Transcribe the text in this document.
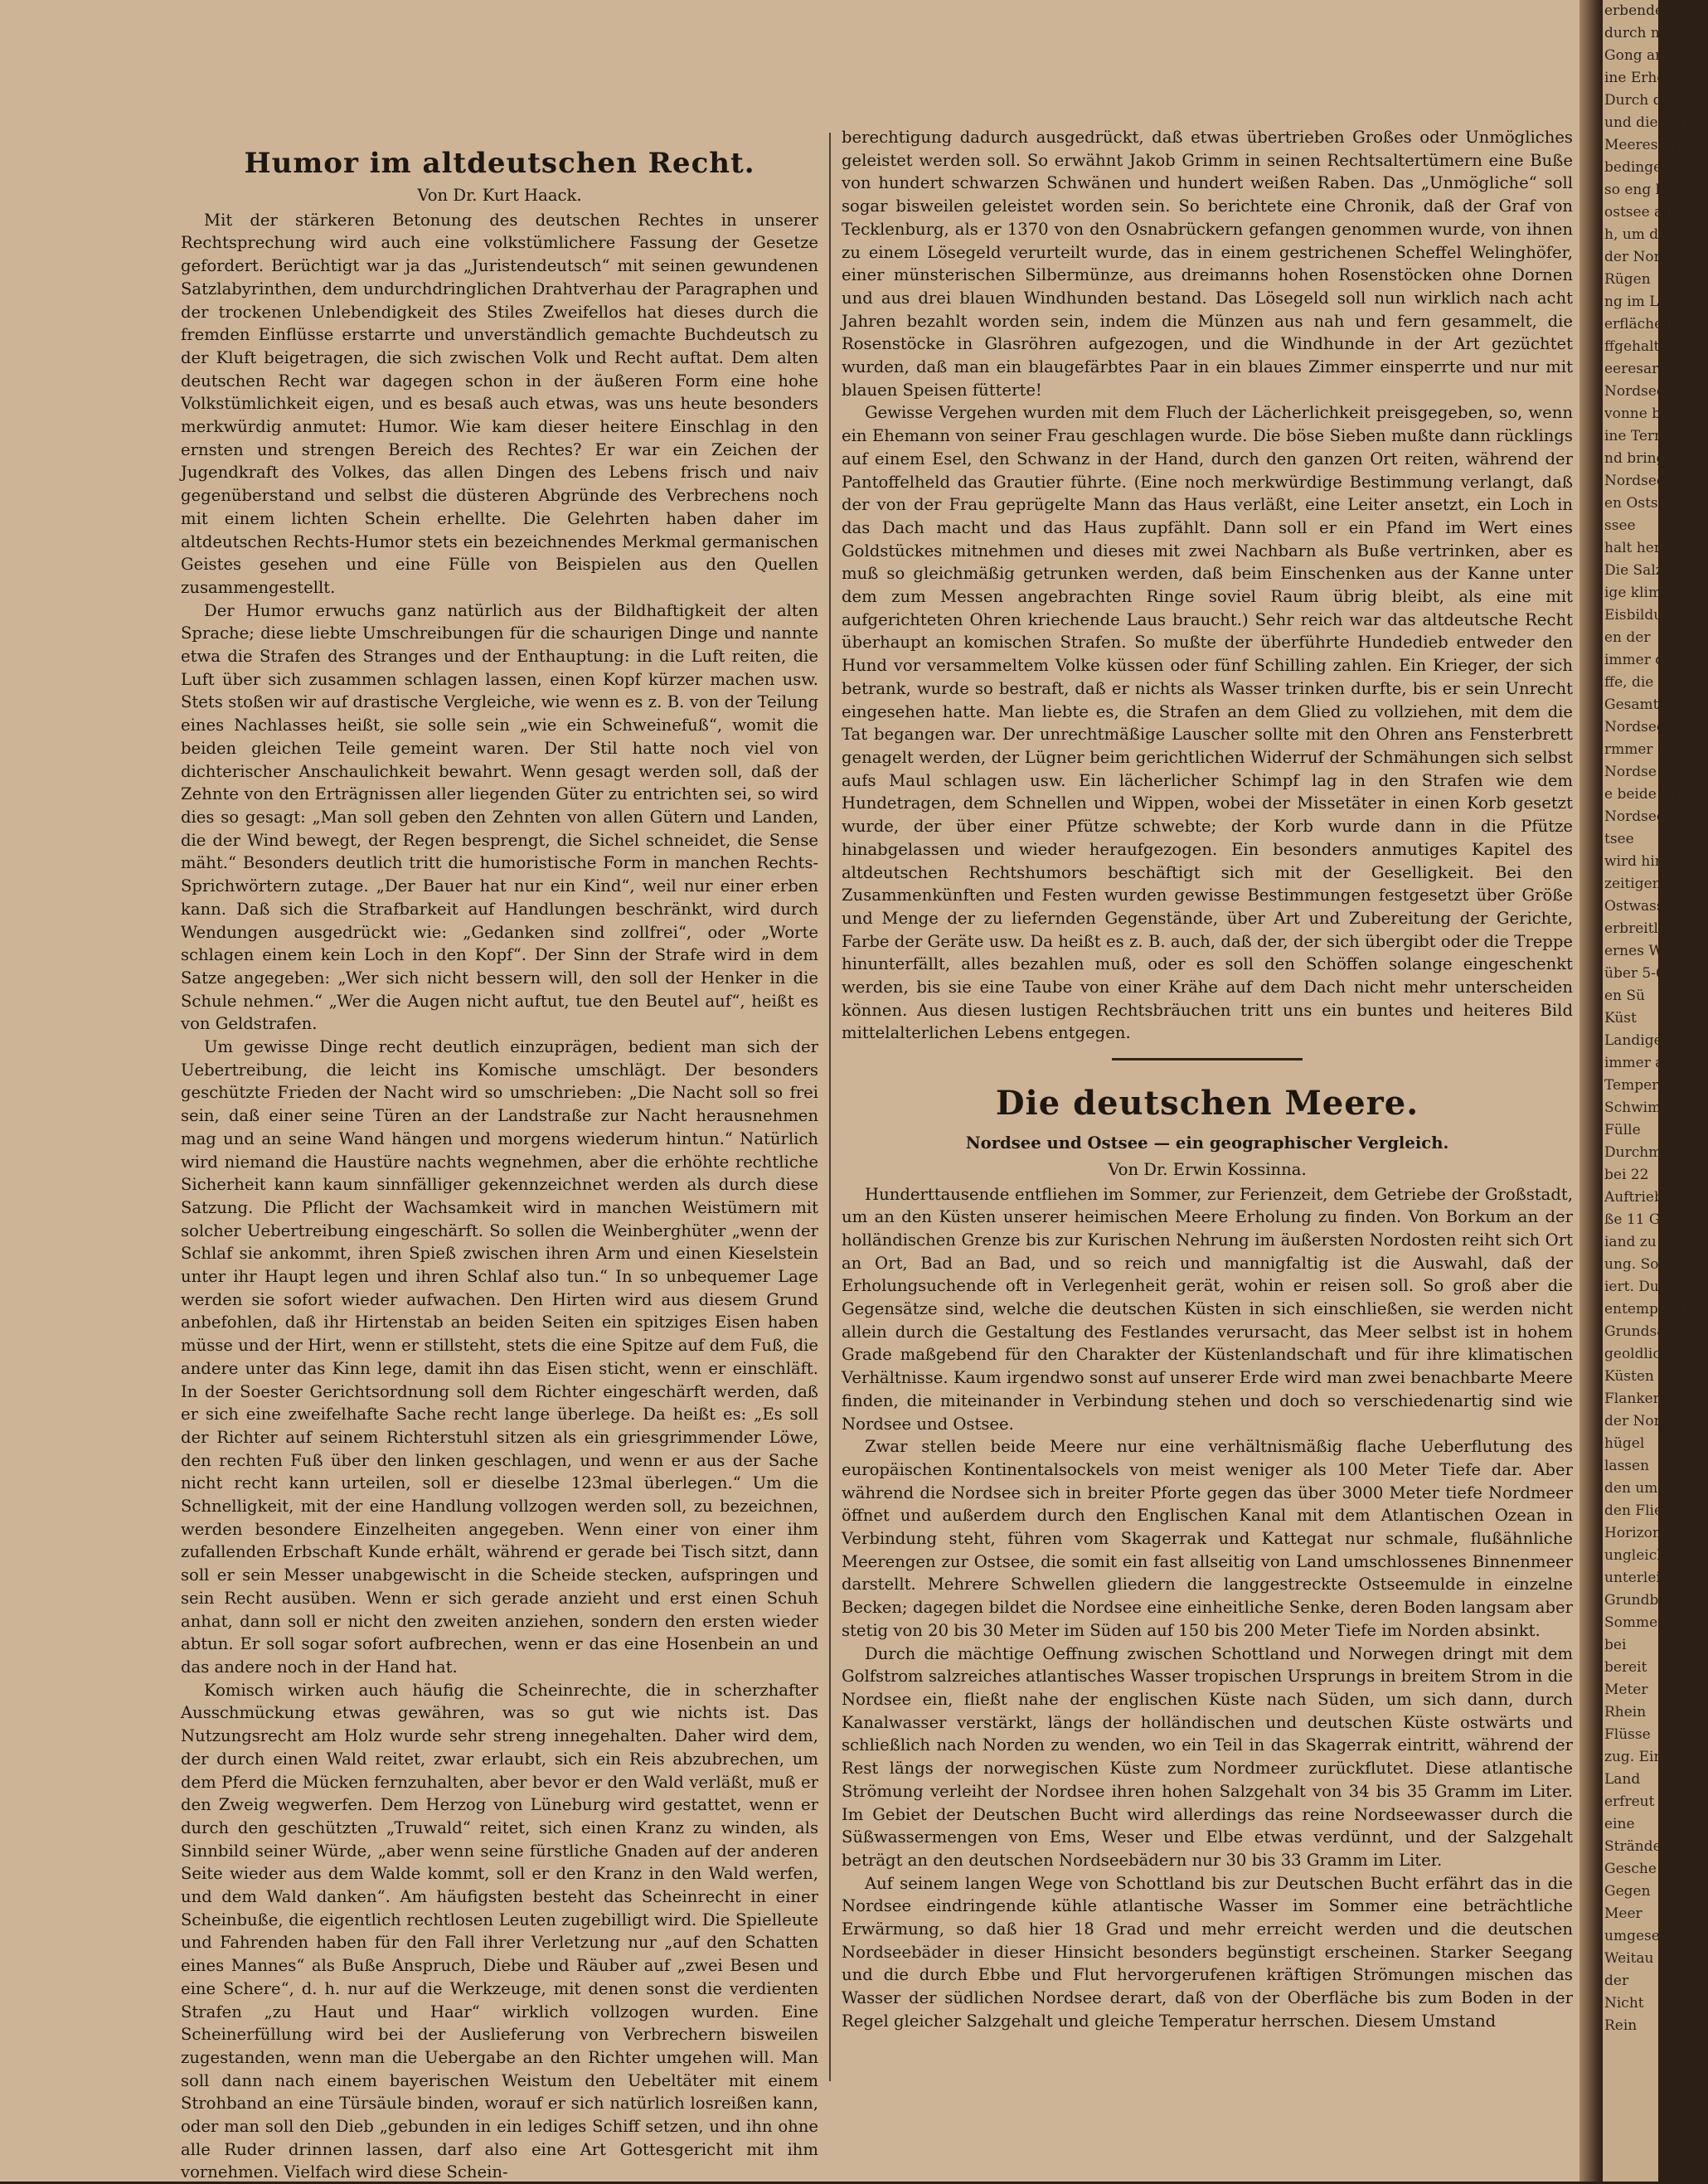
Humor im altdeutschen Recht.
Von Dr. Kurt Haack.

Mit der stärkeren Betonung des deutschen Rechtes in unserer Rechtsprechung wird auch eine volkstümlichere Fassung der Gesetze gefordert. Berüchtigt war ja das „Juristendeutsch“ mit seinen gewundenen Satzlabyrinthen, dem undurchdringlichen Drahtverhau der Paragraphen und der trockenen Unlebendigkeit des Stiles Zweifellos hat dieses durch die fremden Einflüsse erstarrte und unverständlich gemachte Buchdeutsch zu der Kluft beigetragen, die sich zwischen Volk und Recht auftat. Dem alten deutschen Recht war dagegen schon in der äußeren Form eine hohe Volkstümlichkeit eigen, und es besaß auch etwas, was uns heute besonders merkwürdig anmutet: Humor. Wie kam dieser heitere Einschlag in den ernsten und strengen Bereich des Rechtes? Er war ein Zeichen der Jugendkraft des Volkes, das allen Dingen des Lebens frisch und naiv gegenüberstand und selbst die düsteren Abgründe des Verbrechens noch mit einem lichten Schein erhellte. Die Gelehrten haben daher im altdeutschen Rechts-Humor stets ein bezeichnendes Merkmal germanischen Geistes gesehen und eine Fülle von Beispielen aus den Quellen zusammengestellt.

Der Humor erwuchs ganz natürlich aus der Bildhaftigkeit der alten Sprache; diese liebte Umschreibungen für die schaurigen Dinge und nannte etwa die Strafen des Stranges und der Enthauptung: in die Luft reiten, die Luft über sich zusammen schlagen lassen, einen Kopf kürzer machen usw. Stets stoßen wir auf drastische Vergleiche, wie wenn es z. B. von der Teilung eines Nachlasses heißt, sie solle sein „wie ein Schweinefuß“, womit die beiden gleichen Teile gemeint waren. Der Stil hatte noch viel von dichterischer Anschaulichkeit bewahrt. Wenn gesagt werden soll, daß der Zehnte von den Erträgnissen aller liegenden Güter zu entrichten sei, so wird dies so gesagt: „Man soll geben den Zehnten von allen Gütern und Landen, die der Wind bewegt, der Regen besprengt, die Sichel schneidet, die Sense mäht.“ Besonders deutlich tritt die humoristische Form in manchen Rechts-Sprichwörtern zutage. „Der Bauer hat nur ein Kind“, weil nur einer erben kann. Daß sich die Strafbarkeit auf Handlungen beschränkt, wird durch Wendungen ausgedrückt wie: „Gedanken sind zollfrei“, oder „Worte schlagen einem kein Loch in den Kopf“. Der Sinn der Strafe wird in dem Satze angegeben: „Wer sich nicht bessern will, den soll der Henker in die Schule nehmen.“ „Wer die Augen nicht auftut, tue den Beutel auf“, heißt es von Geldstrafen.

Um gewisse Dinge recht deutlich einzuprägen, bedient man sich der Uebertreibung, die leicht ins Komische umschlägt. Der besonders geschützte Frieden der Nacht wird so umschrieben: „Die Nacht soll so frei sein, daß einer seine Türen an der Landstraße zur Nacht herausnehmen mag und an seine Wand hängen und morgens wiederum hintun.“ Natürlich wird niemand die Haustüre nachts wegnehmen, aber die erhöhte rechtliche Sicherheit kann kaum sinnfälliger gekennzeichnet werden als durch diese Satzung. Die Pflicht der Wachsamkeit wird in manchen Weistümern mit solcher Uebertreibung eingeschärft. So sollen die Weinberghüter „wenn der Schlaf sie ankommt, ihren Spieß zwischen ihren Arm und einen Kieselstein unter ihr Haupt legen und ihren Schlaf also tun.“ In so unbequemer Lage werden sie sofort wieder aufwachen. Den Hirten wird aus diesem Grund anbefohlen, daß ihr Hirtenstab an beiden Seiten ein spitziges Eisen haben müsse und der Hirt, wenn er stillsteht, stets die eine Spitze auf dem Fuß, die andere unter das Kinn lege, damit ihn das Eisen sticht, wenn er einschläft. In der Soester Gerichtsordnung soll dem Richter eingeschärft werden, daß er sich eine zweifelhafte Sache recht lange überlege. Da heißt es: „Es soll der Richter auf seinem Richterstuhl sitzen als ein griesgrimmender Löwe, den rechten Fuß über den linken geschlagen, und wenn er aus der Sache nicht recht kann urteilen, soll er dieselbe 123mal überlegen.“ Um die Schnelligkeit, mit der eine Handlung vollzogen werden soll, zu bezeichnen, werden besondere Einzelheiten angegeben. Wenn einer von einer ihm zufallenden Erbschaft Kunde erhält, während er gerade bei Tisch sitzt, dann soll er sein Messer unabgewischt in die Scheide stecken, aufspringen und sein Recht ausüben. Wenn er sich gerade anzieht und erst einen Schuh anhat, dann soll er nicht den zweiten anziehen, sondern den ersten wieder abtun. Er soll sogar sofort aufbrechen, wenn er das eine Hosenbein an und das andere noch in der Hand hat.

Komisch wirken auch häufig die Scheinrechte, die in scherzhafter Ausschmückung etwas gewähren, was so gut wie nichts ist. Das Nutzungsrecht am Holz wurde sehr streng innegehalten. Daher wird dem, der durch einen Wald reitet, zwar erlaubt, sich ein Reis abzubrechen, um dem Pferd die Mücken fernzuhalten, aber bevor er den Wald verläßt, muß er den Zweig wegwerfen. Dem Herzog von Lüneburg wird gestattet, wenn er durch den geschützten „Truwald“ reitet, sich einen Kranz zu winden, als Sinnbild seiner Würde, „aber wenn seine fürstliche Gnaden auf der anderen Seite wieder aus dem Walde kommt, soll er den Kranz in den Wald werfen, und dem Wald danken“. Am häufigsten besteht das Scheinrecht in einer Scheinbuße, die eigentlich rechtlosen Leuten zugebilligt wird. Die Spielleute und Fahrenden haben für den Fall ihrer Verletzung nur „auf den Schatten eines Mannes“ als Buße Anspruch, Diebe und Räuber auf „zwei Besen und eine Schere“, d. h. nur auf die Werkzeuge, mit denen sonst die verdienten Strafen „zu Haut und Haar“ wirklich vollzogen wurden. Eine Scheinerfüllung wird bei der Auslieferung von Verbrechern bisweilen zugestanden, wenn man die Uebergabe an den Richter umgehen will. Man soll dann nach einem bayerischen Weistum den Uebeltäter mit einem Strohband an eine Türsäule binden, worauf er sich natürlich losreißen kann, oder man soll den Dieb „gebunden in ein lediges Schiff setzen, und ihn ohne alle Ruder drinnen lassen, darf also eine Art Gottesgericht mit ihm vornehmen. Vielfach wird diese Schein-

berechtigung dadurch ausgedrückt, daß etwas übertrieben Großes oder Unmögliches geleistet werden soll. So erwähnt Jakob Grimm in seinen Rechtsaltertümern eine Buße von hundert schwarzen Schwänen und hundert weißen Raben. Das „Unmögliche“ soll sogar bisweilen geleistet worden sein. So berichtete eine Chronik, daß der Graf von Tecklenburg, als er 1370 von den Osnabrückern gefangen genommen wurde, von ihnen zu einem Lösegeld verurteilt wurde, das in einem gestrichenen Scheffel Welinghöfer, einer münsterischen Silbermünze, aus dreimanns hohen Rosenstöcken ohne Dornen und aus drei blauen Windhunden bestand. Das Lösegeld soll nun wirklich nach acht Jahren bezahlt worden sein, indem die Münzen aus nah und fern gesammelt, die Rosenstöcke in Glasröhren aufgezogen, und die Windhunde in der Art gezüchtet wurden, daß man ein blaugefärbtes Paar in ein blaues Zimmer einsperrte und nur mit blauen Speisen fütterte!

Gewisse Vergehen wurden mit dem Fluch der Lächerlichkeit preisgegeben, so, wenn ein Ehemann von seiner Frau geschlagen wurde. Die böse Sieben mußte dann rücklings auf einem Esel, den Schwanz in der Hand, durch den ganzen Ort reiten, während der Pantoffelheld das Grautier führte. (Eine noch merkwürdige Bestimmung verlangt, daß der von der Frau geprügelte Mann das Haus verläßt, eine Leiter ansetzt, ein Loch in das Dach macht und das Haus zupfählt. Dann soll er ein Pfand im Wert eines Goldstückes mitnehmen und dieses mit zwei Nachbarn als Buße vertrinken, aber es muß so gleichmäßig getrunken werden, daß beim Einschenken aus der Kanne unter dem zum Messen angebrachten Ringe soviel Raum übrig bleibt, als eine mit aufgerichteten Ohren kriechende Laus braucht.) Sehr reich war das altdeutsche Recht überhaupt an komischen Strafen. So mußte der überführte Hundedieb entweder den Hund vor versammeltem Volke küssen oder fünf Schilling zahlen. Ein Krieger, der sich betrank, wurde so bestraft, daß er nichts als Wasser trinken durfte, bis er sein Unrecht eingesehen hatte. Man liebte es, die Strafen an dem Glied zu vollziehen, mit dem die Tat begangen war. Der unrechtmäßige Lauscher sollte mit den Ohren ans Fensterbrett genagelt werden, der Lügner beim gerichtlichen Widerruf der Schmähungen sich selbst aufs Maul schlagen usw. Ein lächerlicher Schimpf lag in den Strafen wie dem Hundetragen, dem Schnellen und Wippen, wobei der Missetäter in einen Korb gesetzt wurde, der über einer Pfütze schwebte; der Korb wurde dann in die Pfütze hinabgelassen und wieder heraufgezogen. Ein besonders anmutiges Kapitel des altdeutschen Rechtshumors beschäftigt sich mit der Geselligkeit. Bei den Zusammenkünften und Festen wurden gewisse Bestimmungen festgesetzt über Größe und Menge der zu liefernden Gegenstände, über Art und Zubereitung der Gerichte, Farbe der Geräte usw. Da heißt es z. B. auch, daß der, der sich übergibt oder die Treppe hinunterfällt, alles bezahlen muß, oder es soll den Schöffen solange eingeschenkt werden, bis sie eine Taube von einer Krähe auf dem Dach nicht mehr unterscheiden können. Aus diesen lustigen Rechtsbräuchen tritt uns ein buntes und heiteres Bild mittelalterlichen Lebens entgegen.

Die deutschen Meere.
Nordsee und Ostsee — ein geographischer Vergleich.
Von Dr. Erwin Kossinna.

Hunderttausende entfliehen im Sommer, zur Ferienzeit, dem Getriebe der Großstadt, um an den Küsten unserer heimischen Meere Erholung zu finden. Von Borkum an der holländischen Grenze bis zur Kurischen Nehrung im äußersten Nordosten reiht sich Ort an Ort, Bad an Bad, und so reich und mannigfaltig ist die Auswahl, daß der Erholungsuchende oft in Verlegenheit gerät, wohin er reisen soll. So groß aber die Gegensätze sind, welche die deutschen Küsten in sich einschließen, sie werden nicht allein durch die Gestaltung des Festlandes verursacht, das Meer selbst ist in hohem Grade maßgebend für den Charakter der Küstenlandschaft und für ihre klimatischen Verhältnisse. Kaum irgendwo sonst auf unserer Erde wird man zwei benachbarte Meere finden, die miteinander in Verbindung stehen und doch so verschiedenartig sind wie Nordsee und Ostsee.

Zwar stellen beide Meere nur eine verhältnismäßig flache Ueberflutung des europäischen Kontinentalsockels von meist weniger als 100 Meter Tiefe dar. Aber während die Nordsee sich in breiter Pforte gegen das über 3000 Meter tiefe Nordmeer öffnet und außerdem durch den Englischen Kanal mit dem Atlantischen Ozean in Verbindung steht, führen vom Skagerrak und Kattegat nur schmale, flußähnliche Meerengen zur Ostsee, die somit ein fast allseitig von Land umschlossenes Binnenmeer darstellt. Mehrere Schwellen gliedern die langgestreckte Ostseemulde in einzelne Becken; dagegen bildet die Nordsee eine einheitliche Senke, deren Boden langsam aber stetig von 20 bis 30 Meter im Süden auf 150 bis 200 Meter Tiefe im Norden absinkt.

Durch die mächtige Oeffnung zwischen Schottland und Norwegen dringt mit dem Golfstrom salzreiches atlantisches Wasser tropischen Ursprungs in breitem Strom in die Nordsee ein, fließt nahe der englischen Küste nach Süden, um sich dann, durch Kanalwasser verstärkt, längs der holländischen und deutschen Küste ostwärts und schließlich nach Norden zu wenden, wo ein Teil in das Skagerrak eintritt, während der Rest längs der norwegischen Küste zum Nordmeer zurückflutet. Diese atlantische Strömung verleiht der Nordsee ihren hohen Salzgehalt von 34 bis 35 Gramm im Liter. Im Gebiet der Deutschen Bucht wird allerdings das reine Nordseewasser durch die Süßwassermengen von Ems, Weser und Elbe etwas verdünnt, und der Salzgehalt beträgt an den deutschen Nordseebädern nur 30 bis 33 Gramm im Liter.

Auf seinem langen Wege von Schottland bis zur Deutschen Bucht erfährt das in die Nordsee eindringende kühle atlantische Wasser im Sommer eine beträchtliche Erwärmung, so daß hier 18 Grad und mehr erreicht werden und die deutschen Nordseebäder in dieser Hinsicht besonders begünstigt erscheinen. Starker Seegang und die durch Ebbe und Flut hervorgerufenen kräftigen Strömungen mischen das Wasser der südlichen Nordsee derart, daß von der Oberfläche bis zum Boden in der Regel gleicher Salzgehalt und gleiche Temperatur herrschen. Diesem Umstand

erbenden ihr
durch nur gr
Gong am
ine Erhöhu
Durch den S
und die Ostf
Meeresströme
bedingen n
so eng b
ostsee aus
h, um den
der Nor
Rügen
ng im Lit
erflächen
ffgehalts
eeresarten
Nordsee bezei
vonne bezei
ine Termi
nd bringt
Nordsee
en Ostsee
ssee
halt herr
Die Salz
ige klimati
Eisbildu
en der
immer das
ffe, die
Gesamt
Nordsee, und
rmmer de
Nordse
e beide M
Nordsee
tsee
wird hin
zeitigen Ge
Ostwasser
erbreitlich
ernes Wiss
über 5-6
en Sü
Küst
Landige
immer an
Temperatur
Schwimmer
Fülle
Durchmal
bei 22
Auftrieb
ße 11 Gr
iand zu
ung. Solche
iert. Du
entemperat
Grundsä
geoldlichen
Küsten
Flanken
der Nordsee
hügel
lassen
den umphi
den Fließ
Horizont
ungleich
unterleit
Grundbe
Sommerm
bei
bereit
Meter
Rhein
Flüsse
zug. Ein
Land
erfreut
eine
Strände
Gesche
Gegen
Meer
umgesetzt
Weitau
der
Nicht
Rein
